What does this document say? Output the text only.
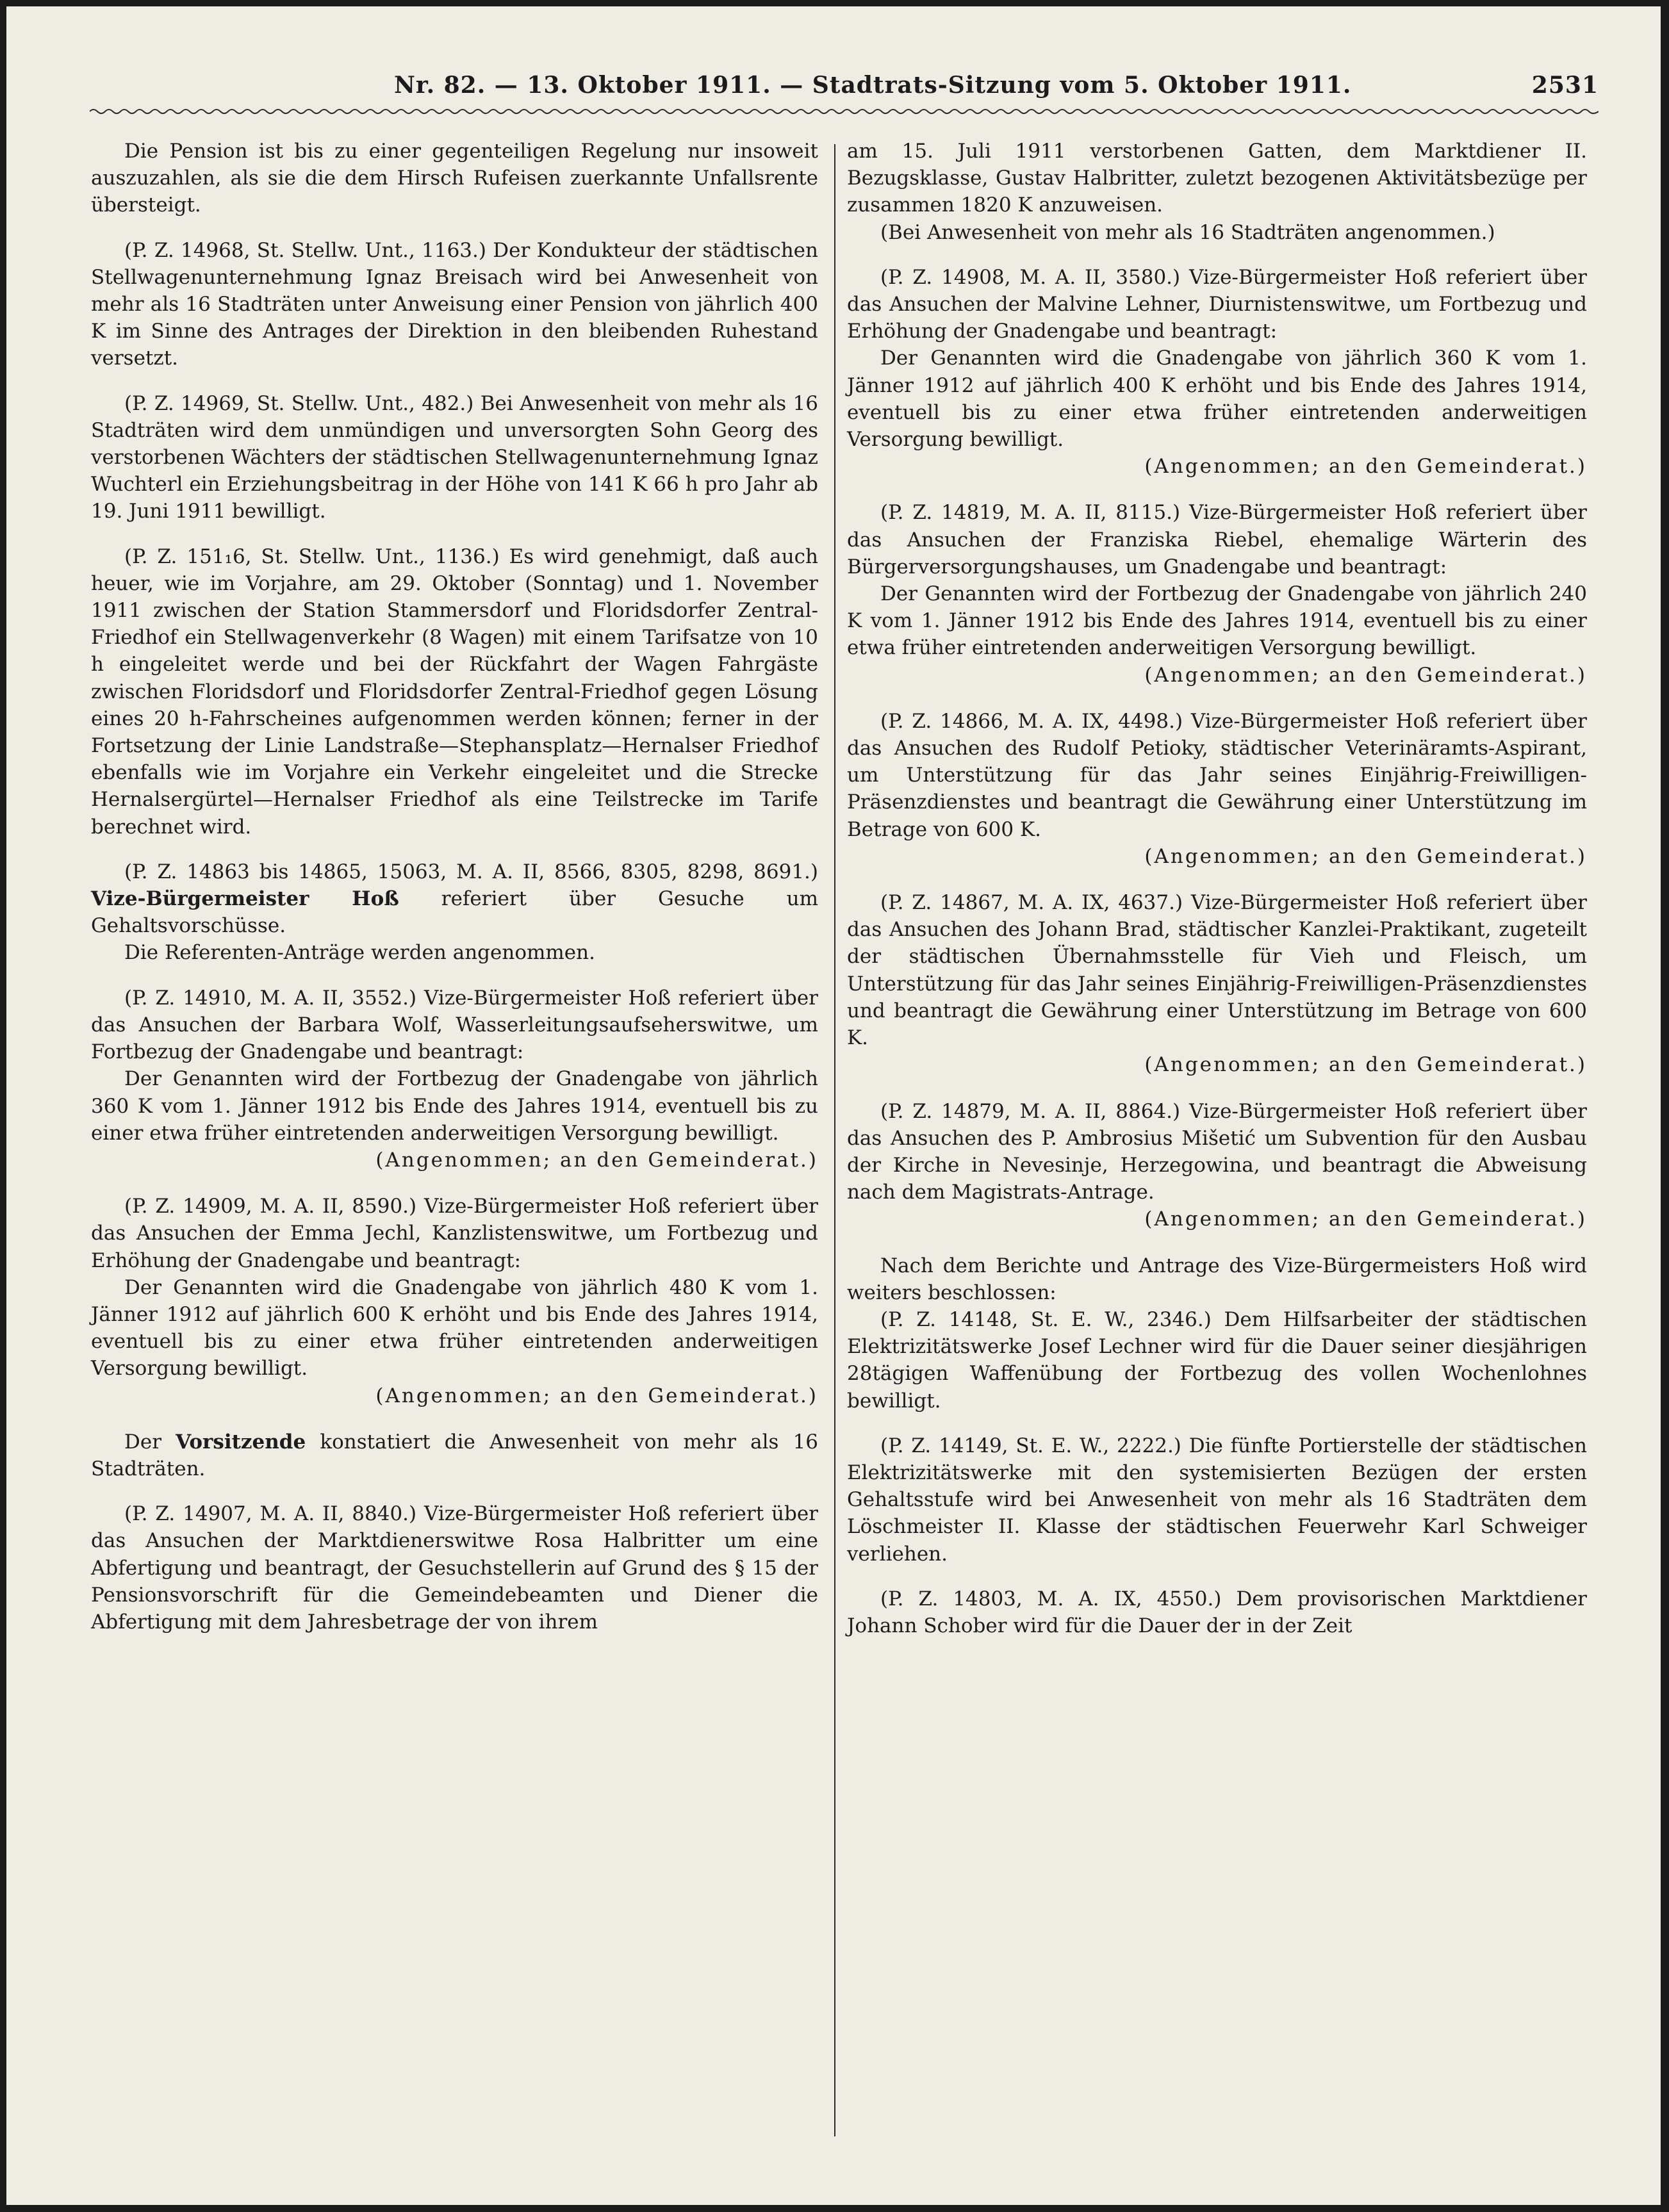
Nr. 82. — 13. Oktober 1911. — Stadtrats-Sitzung vom 5. Oktober 1911.	2531

Die Pension ist bis zu einer gegenteiligen Regelung nur insoweit auszuzahlen, als sie die dem Hirsch Rufeisen zuerkannte Unfallsrente übersteigt.

(P. Z. 14968, St. Stellw. Unt., 1163.) Der Kondukteur der städtischen Stellwagenunternehmung Ignaz Breisach wird bei Anwesenheit von mehr als 16 Stadträten unter Anweisung einer Pension von jährlich 400 K im Sinne des Antrages der Direktion in den bleibenden Ruhestand versetzt.

(P. Z. 14969, St. Stellw. Unt., 482.) Bei Anwesenheit von mehr als 16 Stadträten wird dem unmündigen und unversorgten Sohn Georg des verstorbenen Wächters der städtischen Stellwagenunternehmung Ignaz Wuchterl ein Erziehungsbeitrag in der Höhe von 141 K 66 h pro Jahr ab 19. Juni 1911 bewilligt.

(P. Z. 151₁6, St. Stellw. Unt., 1136.) Es wird genehmigt, daß auch heuer, wie im Vorjahre, am 29. Oktober (Sonntag) und 1. November 1911 zwischen der Station Stammersdorf und Floridsdorfer Zentral-Friedhof ein Stellwagenverkehr (8 Wagen) mit einem Tarifsatze von 10 h eingeleitet werde und bei der Rückfahrt der Wagen Fahrgäste zwischen Floridsdorf und Floridsdorfer Zentral-Friedhof gegen Lösung eines 20 h-Fahrscheines aufgenommen werden können; ferner in der Fortsetzung der Linie Landstraße—Stephansplatz—Hernalser Friedhof ebenfalls wie im Vorjahre ein Verkehr eingeleitet und die Strecke Hernalsergürtel—Hernalser Friedhof als eine Teilstrecke im Tarife berechnet wird.

(P. Z. 14863 bis 14865, 15063, M. A. II, 8566, 8305, 8298, 8691.) Vize-Bürgermeister Hoß referiert über Gesuche um Gehaltsvorschüsse.

Die Referenten-Anträge werden angenommen.

(P. Z. 14910, M. A. II, 3552.) Vize-Bürgermeister Hoß referiert über das Ansuchen der Barbara Wolf, Wasserleitungsaufseherswitwe, um Fortbezug der Gnadengabe und beantragt:

Der Genannten wird der Fortbezug der Gnadengabe von jährlich 360 K vom 1. Jänner 1912 bis Ende des Jahres 1914, eventuell bis zu einer etwa früher eintretenden anderweitigen Versorgung bewilligt.

(Angenommen; an den Gemeinderat.)

(P. Z. 14909, M. A. II, 8590.) Vize-Bürgermeister Hoß referiert über das Ansuchen der Emma Jechl, Kanzlistenswitwe, um Fortbezug und Erhöhung der Gnadengabe und beantragt:

Der Genannten wird die Gnadengabe von jährlich 480 K vom 1. Jänner 1912 auf jährlich 600 K erhöht und bis Ende des Jahres 1914, eventuell bis zu einer etwa früher eintretenden anderweitigen Versorgung bewilligt.

(Angenommen; an den Gemeinderat.)

Der Vorsitzende konstatiert die Anwesenheit von mehr als 16 Stadträten.

(P. Z. 14907, M. A. II, 8840.) Vize-Bürgermeister Hoß referiert über das Ansuchen der Marktdienerswitwe Rosa Halbritter um eine Abfertigung und beantragt, der Gesuchstellerin auf Grund des § 15 der Pensionsvorschrift für die Gemeindebeamten und Diener die Abfertigung mit dem Jahresbetrage der von ihrem

am 15. Juli 1911 verstorbenen Gatten, dem Marktdiener II. Bezugsklasse, Gustav Halbritter, zuletzt bezogenen Aktivitätsbezüge per zusammen 1820 K anzuweisen.

(Bei Anwesenheit von mehr als 16 Stadträten angenommen.)

(P. Z. 14908, M. A. II, 3580.) Vize-Bürgermeister Hoß referiert über das Ansuchen der Malvine Lehner, Diurnistenswitwe, um Fortbezug und Erhöhung der Gnadengabe und beantragt:

Der Genannten wird die Gnadengabe von jährlich 360 K vom 1. Jänner 1912 auf jährlich 400 K erhöht und bis Ende des Jahres 1914, eventuell bis zu einer etwa früher eintretenden anderweitigen Versorgung bewilligt.

(Angenommen; an den Gemeinderat.)

(P. Z. 14819, M. A. II, 8115.) Vize-Bürgermeister Hoß referiert über das Ansuchen der Franziska Riebel, ehemalige Wärterin des Bürgerversorgungshauses, um Gnadengabe und beantragt:

Der Genannten wird der Fortbezug der Gnadengabe von jährlich 240 K vom 1. Jänner 1912 bis Ende des Jahres 1914, eventuell bis zu einer etwa früher eintretenden anderweitigen Versorgung bewilligt.

(Angenommen; an den Gemeinderat.)

(P. Z. 14866, M. A. IX, 4498.) Vize-Bürgermeister Hoß referiert über das Ansuchen des Rudolf Petioky, städtischer Veterinäramts-Aspirant, um Unterstützung für das Jahr seines Einjährig-Freiwilligen-Präsenzdienstes und beantragt die Gewährung einer Unterstützung im Betrage von 600 K.

(Angenommen; an den Gemeinderat.)

(P. Z. 14867, M. A. IX, 4637.) Vize-Bürgermeister Hoß referiert über das Ansuchen des Johann Brad, städtischer Kanzlei-Praktikant, zugeteilt der städtischen Übernahmsstelle für Vieh und Fleisch, um Unterstützung für das Jahr seines Einjährig-Freiwilligen-Präsenzdienstes und beantragt die Gewährung einer Unterstützung im Betrage von 600 K.

(Angenommen; an den Gemeinderat.)

(P. Z. 14879, M. A. II, 8864.) Vize-Bürgermeister Hoß referiert über das Ansuchen des P. Ambrosius Mišetić um Subvention für den Ausbau der Kirche in Nevesinje, Herzegowina, und beantragt die Abweisung nach dem Magistrats-Antrage.

(Angenommen; an den Gemeinderat.)

Nach dem Berichte und Antrage des Vize-Bürgermeisters Hoß wird weiters beschlossen:

(P. Z. 14148, St. E. W., 2346.) Dem Hilfsarbeiter der städtischen Elektrizitätswerke Josef Lechner wird für die Dauer seiner diesjährigen 28tägigen Waffenübung der Fortbezug des vollen Wochenlohnes bewilligt.

(P. Z. 14149, St. E. W., 2222.) Die fünfte Portierstelle der städtischen Elektrizitätswerke mit den systemisierten Bezügen der ersten Gehaltsstufe wird bei Anwesenheit von mehr als 16 Stadträten dem Löschmeister II. Klasse der städtischen Feuerwehr Karl Schweiger verliehen.

(P. Z. 14803, M. A. IX, 4550.) Dem provisorischen Marktdiener Johann Schober wird für die Dauer der in der Zeit
